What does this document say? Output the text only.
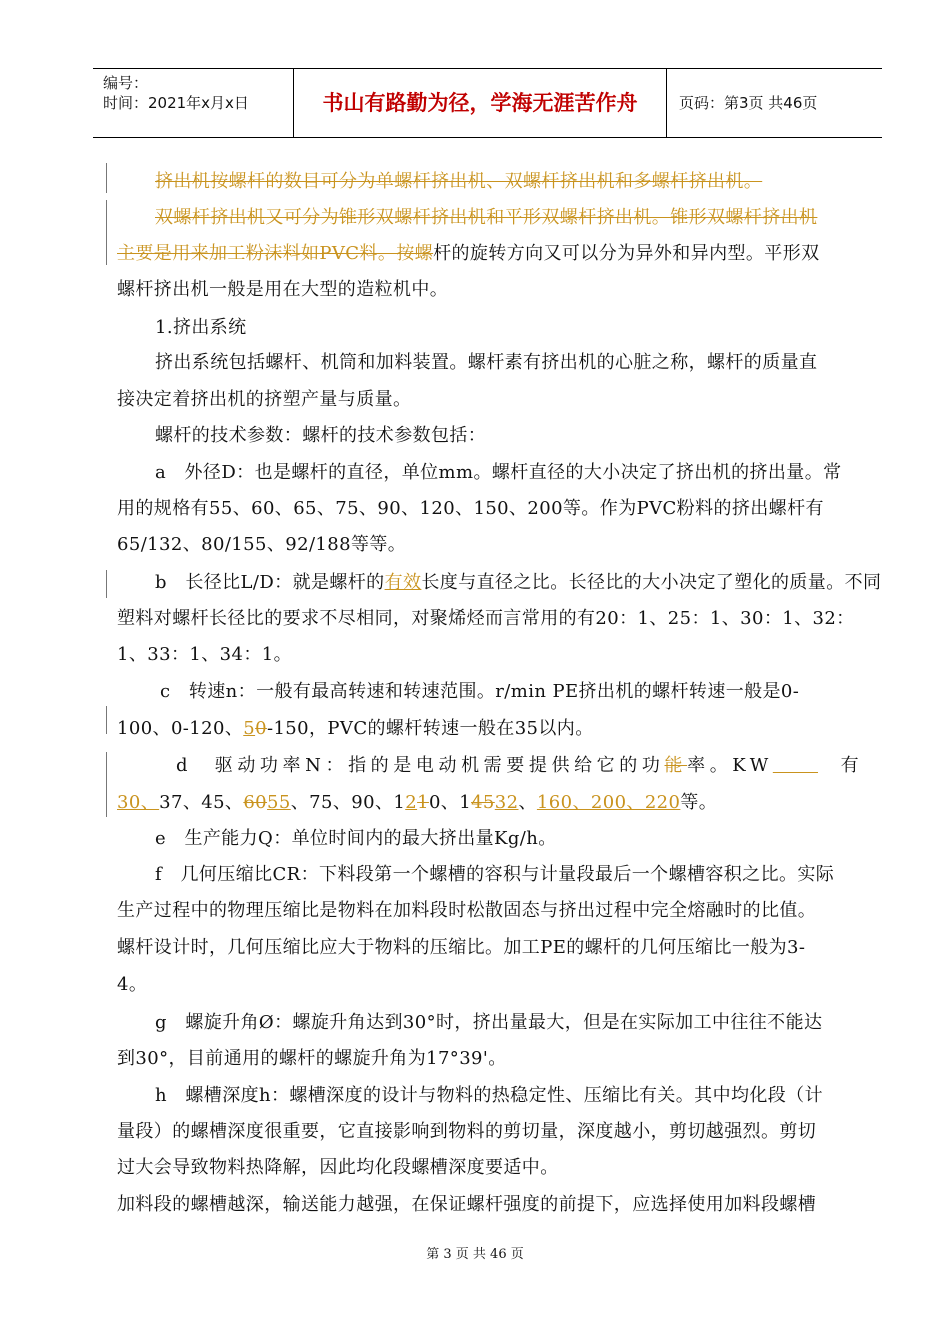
编号：
时间：2021年x月x日	书山有路勤为径，学海无涯苦作舟	页码：第3页 共46页
挤出机按螺杆的数目可分为单螺杆挤出机、双螺杆挤出机和多螺杆挤出机。
双螺杆挤出机又可分为锥形双螺杆挤出机和平形双螺杆挤出机。锥形双螺杆挤出机
主要是用来加工粉沫料如PVC料。按螺杆的旋转方向又可以分为异外和异内型。平形双
螺杆挤出机一般是用在大型的造粒机中。
1.挤出系统
挤出系统包括螺杆、机筒和加料装置。螺杆素有挤出机的心脏之称，螺杆的质量直
接决定着挤出机的挤塑产量与质量。
螺杆的技术参数：螺杆的技术参数包括：
a　外径D：也是螺杆的直径，单位mm。螺杆直径的大小决定了挤出机的挤出量。常
用的规格有55、60、65、75、90、120、150、200等。作为PVC粉料的挤出螺杆有
65/132、80/155、92/188等等。
b　长径比L/D：就是螺杆的有效长度与直径之比。长径比的大小决定了塑化的质量。不同
塑料对螺杆长径比的要求不尽相同，对聚烯烃而言常用的有20：1、25：1、30：1、32：
1、33：1、34：1。
c　转速n：一般有最高转速和转速范围。r/min PE挤出机的螺杆转速一般是0-
100、0-120、50-150，PVC的螺杆转速一般在35以内。
d　驱动功率N：指的是电动机需要提供给它的功能率。KW　　	　有
30、37、45、6055、75、90、1210、14532、160、200、220等。
e　生产能力Q：单位时间内的最大挤出量Kg/h。
f　几何压缩比CR：下料段第一个螺槽的容积与计量段最后一个螺槽容积之比。实际
生产过程中的物理压缩比是物料在加料段时松散固态与挤出过程中完全熔融时的比值。
螺杆设计时，几何压缩比应大于物料的压缩比。加工PE的螺杆的几何压缩比一般为3-
4。
g　螺旋升角Ø：螺旋升角达到30°时，挤出量最大，但是在实际加工中往往不能达
到30°，目前通用的螺杆的螺旋升角为17°39'。
h　螺槽深度h：螺槽深度的设计与物料的热稳定性、压缩比有关。其中均化段（计
量段）的螺槽深度很重要，它直接影响到物料的剪切量，深度越小，剪切越强烈。剪切
过大会导致物料热降解，因此均化段螺槽深度要适中。
加料段的螺槽越深，输送能力越强，在保证螺杆强度的前提下，应选择使用加料段螺槽
第 3 页 共 46 页
